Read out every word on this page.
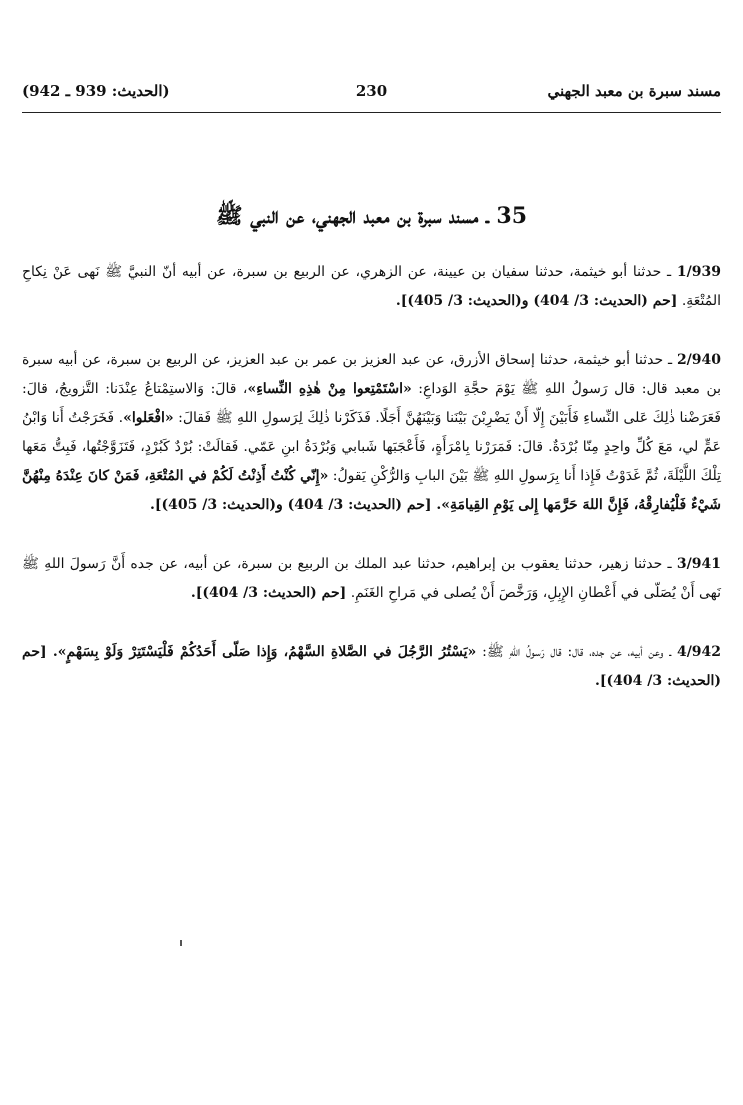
مسند سبرة بن معبد الجهني
230
(الحديث: 939 ـ 942)
35 ـ مسند سبرة بن معبد الجهني، عن النبي ﷺ

1/939 ـ حدثنا أبو خيثمة، حدثنا سفيان بن عيينة، عن الزهري، عن الربيع بن سبرة، عن أبيه أنّ النبيَّ ﷺ نَهى عَنْ نِكاحِ المُتْعَةِ. [حم (الحديث: 3/ 404) و(الحديث: 3/ 405)].

2/940 ـ حدثنا أبو خيثمة، حدثنا إسحاق الأزرق، عن عبد العزيز بن عمر بن عبد العزيز، عن الربيع بن سبرة، عن أبيه سبرة بن معبد قال: قال رَسولُ اللهِ ﷺ يَوْمَ حجَّةِ الوَداعِ: «اسْتَمْتِعوا مِنْ هٰذِهِ النِّساءِ»، قالَ: وَالاستِمْتاعُ عِنْدَنا: التَّزويجُ، قالَ: فَعَرَضْنا ذٰلِكَ عَلى النِّساءِ فَأَبَيْنَ إِلّا أَنْ يَضْرِبْنَ بَيْنَنا وَبَيْنَهُنَّ أَجَلًا. فَذَكَرْنا ذٰلِكَ لِرَسولِ اللهِ ﷺ فَقالَ: «افْعَلوا». فَخَرَجْتُ أَنا وَابْنُ عَمٍّ لي، مَعَ كُلِّ واحِدٍ مِنّا بُرْدَةٌ. قالَ: فَمَرَرْنا بِامْرَأَةٍ، فَأَعْجَبَها شَبابي وَبُرْدَةُ ابنِ عَمّي. فَقالَتْ: بُرْدٌ كَبُرْدٍ، فَتَزَوَّجْتُها، فَبِتُّ مَعَها تِلْكَ اللَّيْلَةَ، ثُمَّ غَدَوْتُ فَإِذا أَنا بِرَسولِ اللهِ ﷺ بَيْنَ البابِ وَالرُّكْنِ يَقولُ: «إِنّي كُنْتُ أَذِنْتُ لَكُمْ في المُتْعَةِ، فَمَنْ كانَ عِنْدَهُ مِنْهُنَّ شَيْءٌ فَلْيُفارِقْهُ، فَإِنَّ اللهَ حَرَّمَها إِلى يَوْمِ القِيامَةِ». [حم (الحديث: 3/ 404) و(الحديث: 3/ 405)].

3/941 ـ حدثنا زهير، حدثنا يعقوب بن إبراهيم، حدثنا عبد الملك بن الربيع بن سبرة، عن أبيه، عن جده أَنَّ رَسولَ اللهِ ﷺ نَهى أَنْ يُصَلّى في أَعْطانِ الإِبِلِ، وَرَخَّصَ أَنْ يُصلى في مَراحِ الغَنَمِ. [حم (الحديث: 3/ 404)].

4/942 ـ وعن أبيه، عن جده، قال: قال رَسولُ اللهِ ﷺ: «يَسْتُرُ الرَّجُلَ في الصَّلاةِ السَّهْمُ، وَإِذا صَلّى أَحَدُكُمْ فَلْيَسْتَتِرْ وَلَوْ بِسَهْمٍ». [حم (الحديث: 3/ 404)].
